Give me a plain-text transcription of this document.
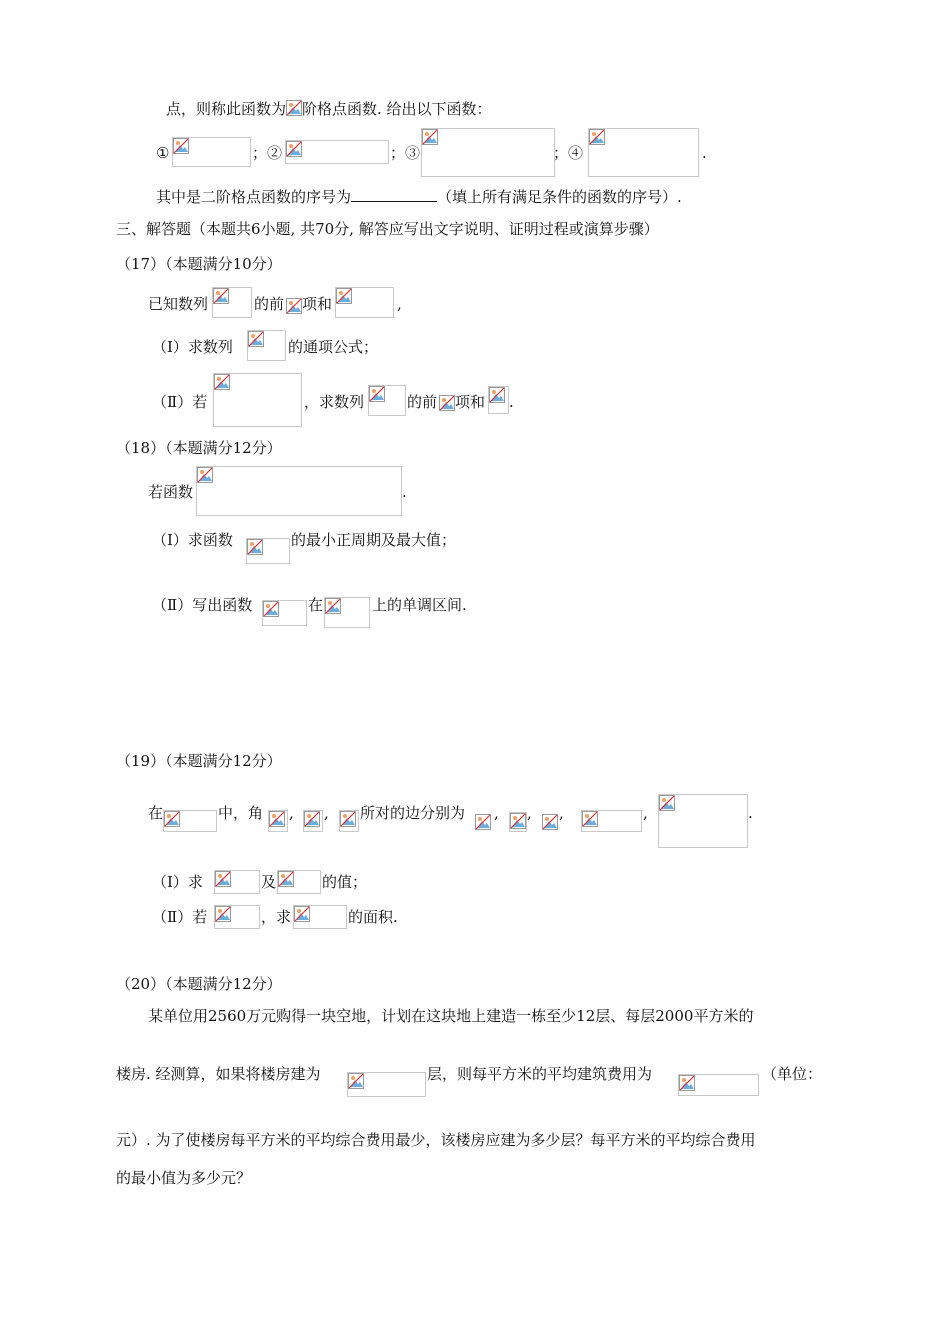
点，则称此函数为 阶格点函数. 给出以下函数：
①	；②	；③	；④	.
其中是二阶格点函数的序号为	（填上所有满足条件的函数的序号）.
三、解答题（本题共6小题, 共70分, 解答应写出文字说明、证明过程或演算步骤）
（17）（本题满分10分）
已知数列	的前 项和	,
（Ⅰ）求数列	的通项公式；
（Ⅱ）若	，求数列	的前 项和 .
（18）（本题满分12分）
若函数	.
（Ⅰ）求函数	的最小正周期及最大值；
（Ⅱ）写出函数	在	上的单调区间.
（19）（本题满分12分）
在	中，角 , , 所对的边分别为 , , ,	,	.
（Ⅰ）求	及	的值；
（Ⅱ）若	，求	的面积.
（20）（本题满分12分）
某单位用2560万元购得一块空地，计划在这块地上建造一栋至少12层、每层2000平方米的
楼房. 经测算，如果将楼房建为	层，则每平方米的平均建筑费用为	（单位：
元）. 为了使楼房每平方米的平均综合费用最少，该楼房应建为多少层？每平方米的平均综合费用
的最小值为多少元？
